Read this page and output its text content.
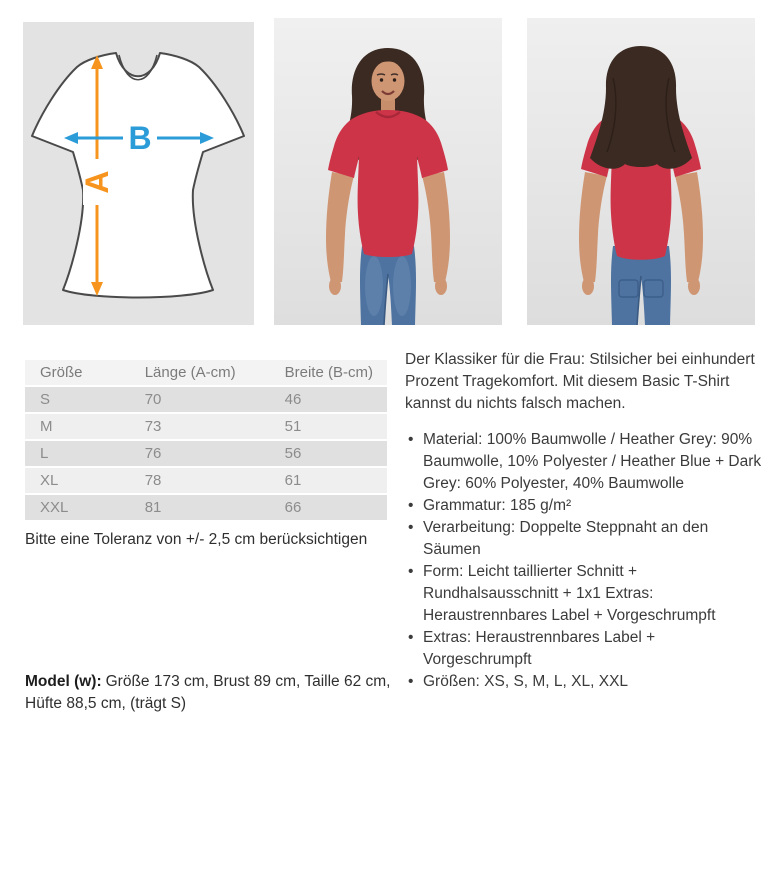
A
B
Größe	Länge (A-cm)	Breite (B-cm)
S	70	46
M	73	51
L	76	56
XL	78	61
XXL	81	66
Bitte eine Toleranz von +/- 2,5 cm berücksichtigen
Model (w): Größe 173 cm, Brust 89 cm, Taille 62 cm, Hüfte 88,5 cm, (trägt S)

Der Klassiker für die Frau: Stilsicher bei einhundert Prozent Tragekomfort. Mit diesem Basic T-Shirt kannst du nichts falsch machen.

• Material: 100% Baumwolle / Heather Grey: 90% Baumwolle, 10% Polyester / Heather Blue + Dark Grey: 60% Polyester, 40% Baumwolle
• Grammatur: 185 g/m²
• Verarbeitung: Doppelte Steppnaht an den Säumen
• Form: Leicht taillierter Schnitt + Rundhalsausschnitt + 1x1 Extras: Heraustrennbares Label + Vorgeschrumpft
• Extras: Heraustrennbares Label + Vorgeschrumpft
• Größen: XS, S, M, L, XL, XXL
